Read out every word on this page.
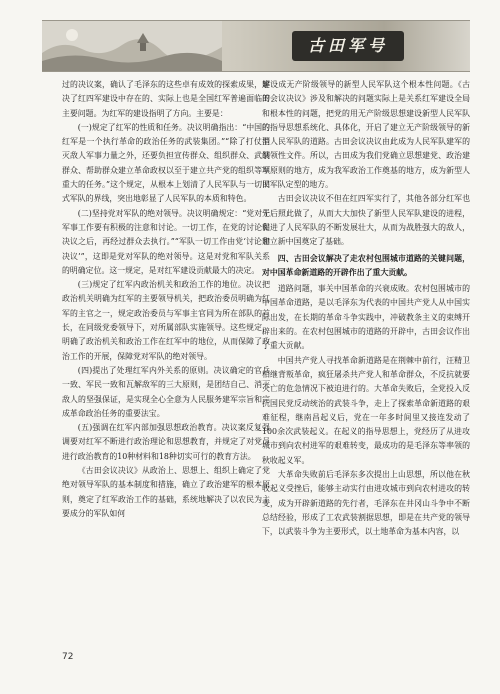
古田军号

过的决议案，确认了毛泽东的这些卓有成效的探索成果，解决了红四军建设中存在的、实际上也是全国红军普遍面临的主要问题。为红军的建设指明了方向。主要是：

(一)规定了红军的性质和任务。决议明确指出：“中国的红军是一个执行革命的政治任务的武装集团。”“除了打仗消灭敌人军事力量之外，还要负担宣传群众、组织群众、武装群众、帮助群众建立革命政权以至于建立共产党的组织等项重大的任务。”这个规定，从根本上划清了人民军队与一切旧式军队的界线，突出地彰显了人民军队的本质和特色。

(二)坚持党对军队的绝对领导。决议明确规定：“党对于军事工作要有积极的注意和讨论。一切工作，在党的讨论和决议之后，再经过群众去执行。”“军队一切工作由党‘讨论和决议’”，这即是党对军队的绝对领导。这是对党和军队关系的明确定位。这一规定，是对红军建设贡献最大的决定。

(三)规定了红军内政治机关和政治工作的地位。决议把政治机关明确为红军的主要领导机关，把政治委员明确为红军的主官之一，规定政治委员与军事主官同为所在部队的首长，在同级党委领导下，对所属部队实施领导。这些规定，明确了政治机关和政治工作在红军中的地位，从而保障了政治工作的开展，保障党对军队的绝对领导。

(四)提出了处理红军内外关系的原则。决议确定的官兵一致、军民一致和瓦解敌军的三大原则，是团结自己、消灭敌人的坚强保证，是实现全心全意为人民服务建军宗旨和完成革命政治任务的重要法宝。

(五)强调在红军内部加强思想政治教育。决议案反复强调要对红军不断进行政治理论和思想教育，并规定了对党员进行政治教育的10种材料和18种切实可行的教育方法。

《古田会议决议》从政治上、思想上、组织上确定了党绝对领导军队的基本制度和措施，确立了政治建军的根本原则，奠定了红军政治工作的基础，系统地解决了以农民为主要成分的军队如何

建设成无产阶级领导的新型人民军队这个根本性问题。《古田会议决议》涉及和解决的问题实际上是关系红军建设全局和根本性的问题，把党的用无产阶级思想建设新型人民军队的指导思想系统化、具体化，开启了建立无产阶级领导的新型人民军队的道路。古田会议决议由此成为人民军队建军的纲领性文件。所以，古田成为我们党确立思想建党、政治建军原则的地方，成为我军政治工作奠基的地方，成为新型人民军队定型的地方。

古田会议决议不但在红四军实行了，其他各部分红军也先后照此做了，从而大大加快了新型人民军队建设的进程，促进了人民军队的不断发展壮大，从而为战胜强大的敌人，建立新中国奠定了基础。

四、古田会议解决了走农村包围城市道路的关键问题，对中国革命新道路的开辟作出了重大贡献。

道路问题，事关中国革命的兴衰成败。农村包围城市的中国革命道路，是以毛泽东为代表的中国共产党人从中国实际出发，在长期的革命斗争实践中，冲破教条主义的束缚开辟出来的。在农村包围城市的道路的开辟中，古田会议作出了重大贡献。

中国共产党人寻找革命新道路是在荆棘中前行，汪精卫相继背叛革命，疯狂屠杀共产党人和革命群众，不反抗就要灭亡的危急情况下被迫进行的。大革命失败后，全党投入反抗国民党反动统治的武装斗争，走上了探索革命新道路的艰难征程，继南昌起义后，党在一年多时间里又接连发动了100余次武装起义。在起义的指导思想上，党经历了从进攻城市到向农村进军的艰难转变，最成功的是毛泽东等率领的秋收起义军。

大革命失败前后毛泽东多次提出上山思想，所以他在秋收起义受挫后，能够主动实行由进攻城市到向农村进攻的转变，成为开辟新道路的先行者，毛泽东在井冈山斗争中不断总结经验，形成了工农武装割据思想，即是在共产党的领导下，以武装斗争为主要形式，以土地革命为基本内容，以

72
